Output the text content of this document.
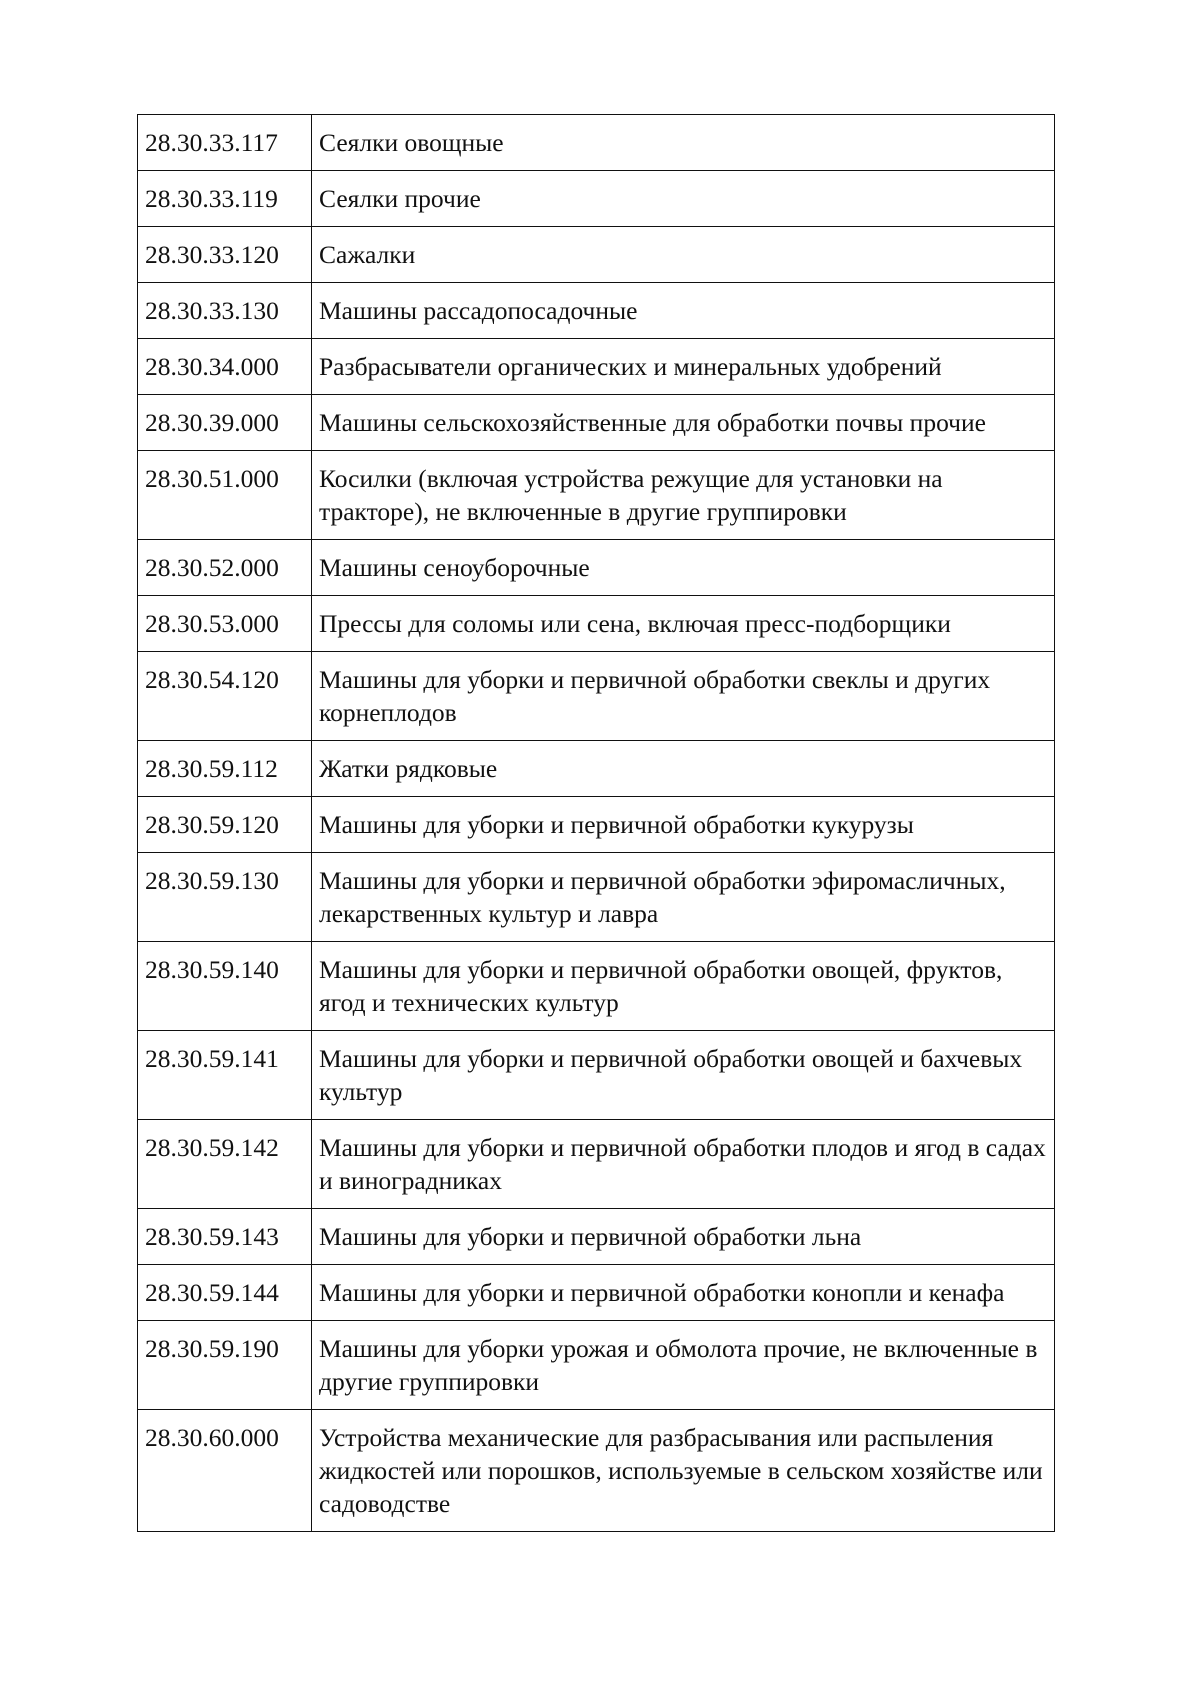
28.30.33.117	Сеялки овощные
28.30.33.119	Сеялки прочие
28.30.33.120	Сажалки
28.30.33.130	Машины рассадопосадочные
28.30.34.000	Разбрасыватели органических и минеральных удобрений
28.30.39.000	Машины сельскохозяйственные для обработки почвы прочие
28.30.51.000	Косилки (включая устройства режущие для установки на тракторе), не включенные в другие группировки
28.30.52.000	Машины сеноуборочные
28.30.53.000	Прессы для соломы или сена, включая пресс-подборщики
28.30.54.120	Машины для уборки и первичной обработки свеклы и других корнеплодов
28.30.59.112	Жатки рядковые
28.30.59.120	Машины для уборки и первичной обработки кукурузы
28.30.59.130	Машины для уборки и первичной обработки эфиромасличных, лекарственных культур и лавра
28.30.59.140	Машины для уборки и первичной обработки овощей, фруктов, ягод и технических культур
28.30.59.141	Машины для уборки и первичной обработки овощей и бахчевых культур
28.30.59.142	Машины для уборки и первичной обработки плодов и ягод в садах и виноградниках
28.30.59.143	Машины для уборки и первичной обработки льна
28.30.59.144	Машины для уборки и первичной обработки конопли и кенафа
28.30.59.190	Машины для уборки урожая и обмолота прочие, не включенные в другие группировки
28.30.60.000	Устройства механические для разбрасывания или распыления жидкостей или порошков, используемые в сельском хозяйстве или садоводстве
